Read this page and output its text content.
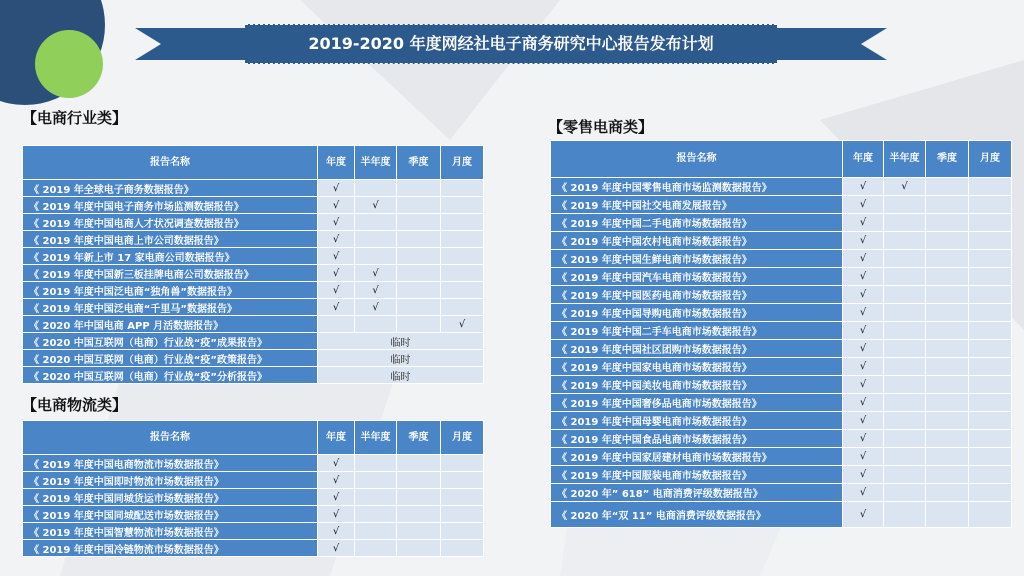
2019-2020 年度网经社电子商务研究中心报告发布计划
【电商行业类】
【电商物流类】
【零售电商类】
报告名称	年度	半年度	季度	月度
《 2019 年全球电子商务数据报告》	√			
《 2019 年度中国电子商务市场监测数据报告》	√	√		
《 2019 年度中国电商人才状况调查数据报告》	√			
《 2019 年度中国电商上市公司数据报告》	√			
《 2019 年新上市 17 家电商公司数据报告》	√			
《 2019 年度中国新三板挂牌电商公司数据报告》	√	√		
《 2019 年度中国泛电商“独角兽”数据报告》	√	√		
《 2019 年度中国泛电商“千里马”数据报告》	√	√		
《 2020 年中国电商 APP 月活数据报告》				√
《 2020 中国互联网（电商）行业战“疫”成果报告》	临时			
《 2020 中国互联网（电商）行业战“疫”政策报告》	临时			
《 2020 中国互联网（电商）行业战“疫”分析报告》	临时			
报告名称	年度	半年度	季度	月度
《 2019 年度中国电商物流市场数据报告》	√			
《 2019 年度中国即时物流市场数据报告》	√			
《 2019 年度中国同城货运市场数据报告》	√			
《 2019 年度中国同城配送市场数据报告》	√			
《 2019 年度中国智慧物流市场数据报告》	√			
《 2019 年度中国冷链物流市场数据报告》	√			
报告名称	年度	半年度	季度	月度
《 2019 年度中国零售电商市场监测数据报告》	√	√		
《 2019 年度中国社交电商发展报告》	√			
《 2019 年度中国二手电商市场数据报告》	√			
《 2019 年度中国农村电商市场数据报告》	√			
《 2019 年度中国生鲜电商市场数据报告》	√			
《 2019 年度中国汽车电商市场数据报告》	√			
《 2019 年度中国医药电商市场数据报告》	√			
《 2019 年度中国导购电商市场数据报告》	√			
《 2019 年度中国二手车电商市场数据报告》	√			
《 2019 年度中国社区团购市场数据报告》	√			
《 2019 年度中国家电电商市场数据报告》	√			
《 2019 年度中国美妆电商市场数据报告》	√			
《 2019 年度中国奢侈品电商市场数据报告》	√			
《 2019 年度中国母婴电商市场数据报告》	√			
《 2019 年度中国食品电商市场数据报告》	√			
《 2019 年度中国家居建材电商市场数据报告》	√			
《 2019 年度中国服装电商市场数据报告》	√			
《 2020 年” 618” 电商消费评级数据报告》	√			
《 2020 年“双 11” 电商消费评级数据报告》	√			
